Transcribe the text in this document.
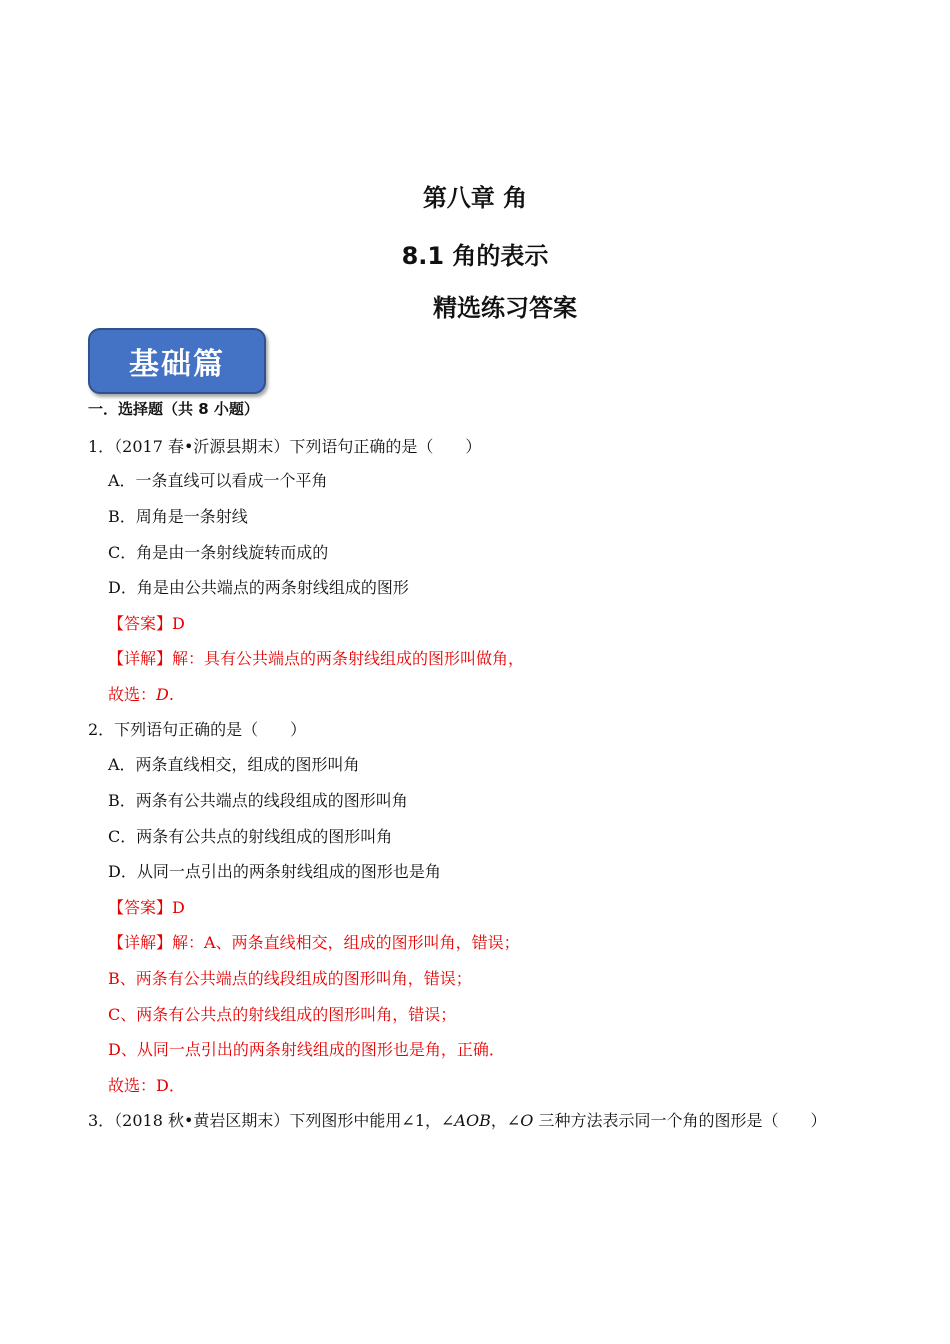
第八章 角
8.1 角的表示
精选练习答案
基础篇
一．选择题（共 8 小题）
1．（2017 春•沂源县期末）下列语句正确的是（　　）
A．一条直线可以看成一个平角
B．周角是一条射线
C．角是由一条射线旋转而成的
D．角是由公共端点的两条射线组成的图形
【答案】D
【详解】解：具有公共端点的两条射线组成的图形叫做角，
故选：D.
2．下列语句正确的是（　　）
A．两条直线相交，组成的图形叫角
B．两条有公共端点的线段组成的图形叫角
C．两条有公共点的射线组成的图形叫角
D．从同一点引出的两条射线组成的图形也是角
【答案】D
【详解】解：A、两条直线相交，组成的图形叫角，错误；
B、两条有公共端点的线段组成的图形叫角，错误；
C、两条有公共点的射线组成的图形叫角，错误；
D、从同一点引出的两条射线组成的图形也是角，正确．
故选：D．
3．（2018 秋•黄岩区期末）下列图形中能用∠1，∠AOB，∠O 三种方法表示同一个角的图形是（　　）
